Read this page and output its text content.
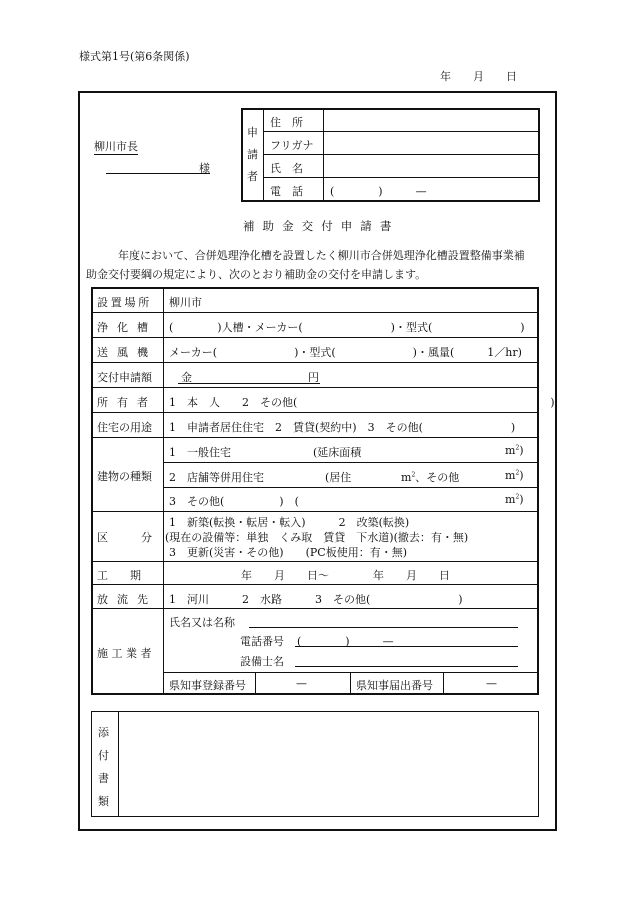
様式第1号(第6条関係)
年　　月　　日
柳川市長
様
申
請
者
住　所
フリガナ
氏　名
電　話 (　　　　)　　　—
補助金交付申請書
年度において、合併処理浄化槽を設置したく柳川市合併処理浄化槽設置整備事業補
助金交付要綱の規定により、次のとおり補助金の交付を申請します。
設置場所 柳川市
浄 化 槽 (　　　　)人槽・メーカー(　　　　　　　　)・型式(　　　　　　　　)
送 風 機 メーカー(　　　　　　　)・型式(　　　　　　　)・風量(　　　1／hr)
交付申請額	金	円
所 有 者 1　本　人　　2　その他(　　　　　　　　　　　　　　　　　　　　　　　)
住宅の用途 1　申請者居住住宅　2　賃貸(契約中)　3　その他(　　　　　　　　)
建物の種類
1　一般住宅	(延床面積	$m^2$)
2　店舗等併用住宅	(居住	$m^2$、その他	$m^2$)
3　その他(　　　　　)　(	$m^2$)
区　　　分
1　新築(転換・転居・転入)　　　2　改築(転換)
(現在の設備等：単独　くみ取　賃貸　下水道)(撤去：有・無)
3　更新(災害・その他)　　(PC板使用：有・無)
工　　期	年　　月　　日〜　　　　年　　月　　日
放 流 先 1　河川　　　2　水路　　　3　その他(　　　　　　　　)
施 工 業 者
氏名又は名称
電話番号 (　　　　)　　　—
設備士名
県知事登録番号	—	県知事届出番号	—
添
付
書
類
